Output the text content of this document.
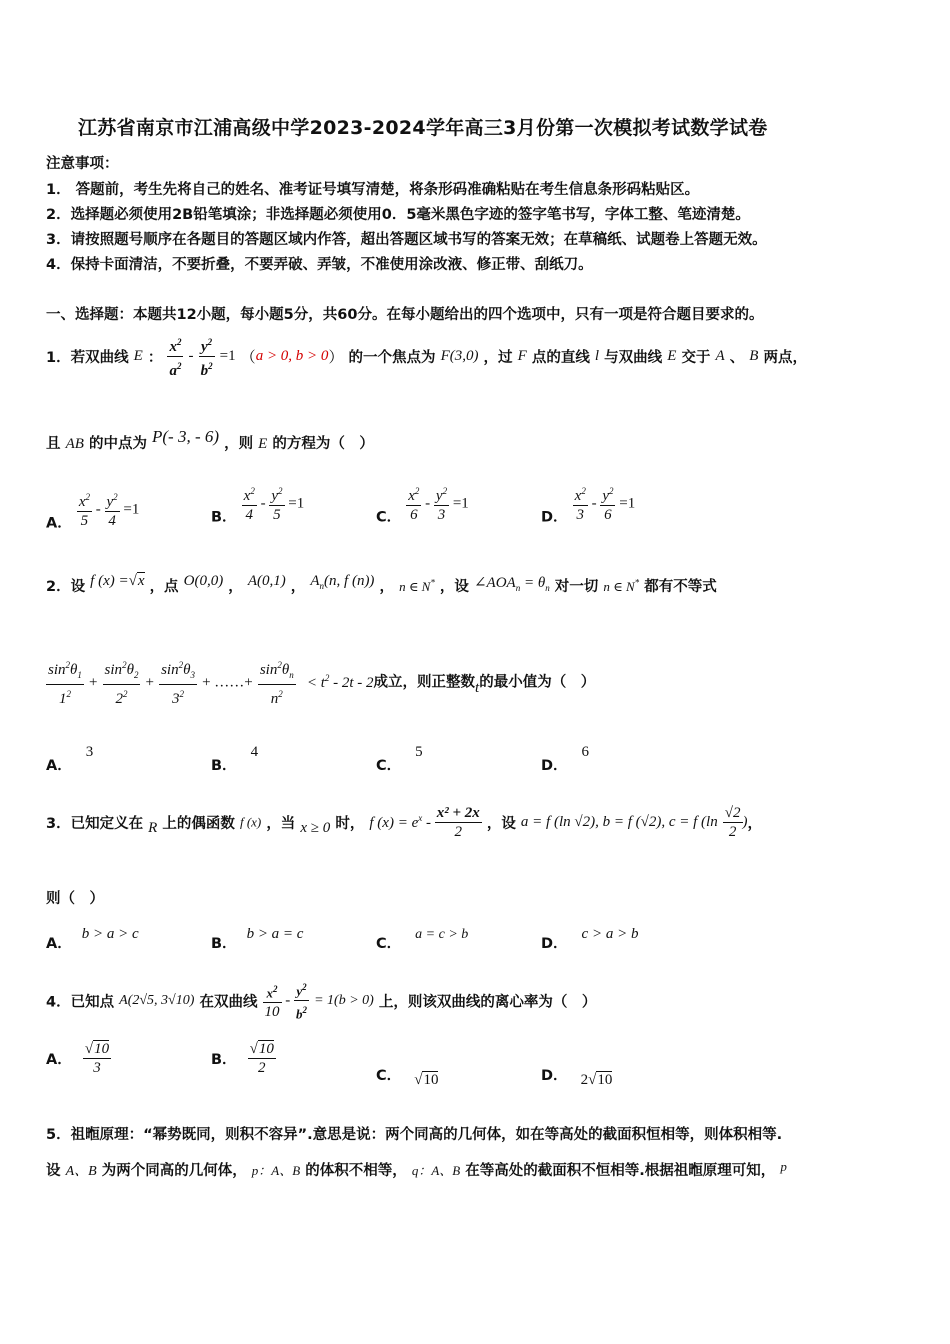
江苏省南京市江浦高级中学2023-2024学年高三3月份第一次模拟考试数学试卷
注意事项：
1． 答题前，考生先将自己的姓名、准考证号填写清楚，将条形码准确粘贴在考生信息条形码粘贴区。
2．选择题必须使用2B铅笔填涂；非选择题必须使用0．5毫米黑色字迹的签字笔书写，字体工整、笔迹清楚。
3．请按照题号顺序在各题目的答题区域内作答，超出答题区域书写的答案无效；在草稿纸、试题卷上答题无效。
4．保持卡面清洁，不要折叠，不要弄破、弄皱，不准使用涂改液、修正带、刮纸刀。
一、选择题：本题共12小题，每小题5分，共60分。在每小题给出的四个选项中，只有一项是符合题目要求的。
1．若双曲线 E ： $\frac{x^2}{a^2} - \frac{y^2}{b^2} =1$ （a > 0, b > 0） 的一个焦点为 F(3,0) ，过 F 点的直线 l 与双曲线 E 交于 A 、 B 两点，
且 AB 的中点为 P(- 3, - 6) ，则 E 的方程为（　）
A． $\frac{x^2}{5} - \frac{y^2}{4} =1$	B． $\frac{x^2}{4} - \frac{y^2}{5} =1$
C． $\frac{x^2}{6} - \frac{y^2}{3} =1$
D． $\frac{x^2}{3} - \frac{y^2}{6} =1$
2．设 f (x) =√x ，点 O(0,0) ， A(0,1) ， $A_n(n$, f (n)) ， n ∈ N* ，设 $\angle AOA_n = \theta_n$ 对一切 n ∈ N* 都有不等式
$\frac{\sin^2\theta_1}{1^2} + \frac{\sin^2\theta_2}{2^2} + \frac{\sin^2\theta_3}{3^2}$ + ……+ $\frac{\sin^2\theta_n}{n^2} < t^2 - 2t - 2$成立，则正整数t的最小值为（　）
A．3
B．4
C．5
D．6
3．已知定义在 R 上的偶函数 f (x) ，当 x ≥ 0 时， f $(x) = e^x - \frac{\text{x² + 2x}}{2}$ ，设 a = f (ln √2), b = f (√2), c = f ($\ln \frac{√2}{2}$ )，
则（　）
A．b > a > c
B．b > a = c
C．a = c > b
D．c > a > b
4．已知点 A(2√5, 3√10) 在双曲线 $\frac{x^2}{10} - \frac{y^2}{b^2} = 1(b > 0)$ 上，则该双曲线的离心率为（　）
A． $\frac{√10}{3}$	B． $\frac{√10}{2}$	C． √10	D． 2√10
5．祖暅原理：“幂势既同，则积不容异”.意思是说：两个同高的几何体，如在等高处的截面积恒相等，则体积相等.
设 A、B 为两个同高的几何体， p：A、B 的体积不相等， q：A、B 在等高处的截面积不恒相等.根据祖暅原理可知， p
